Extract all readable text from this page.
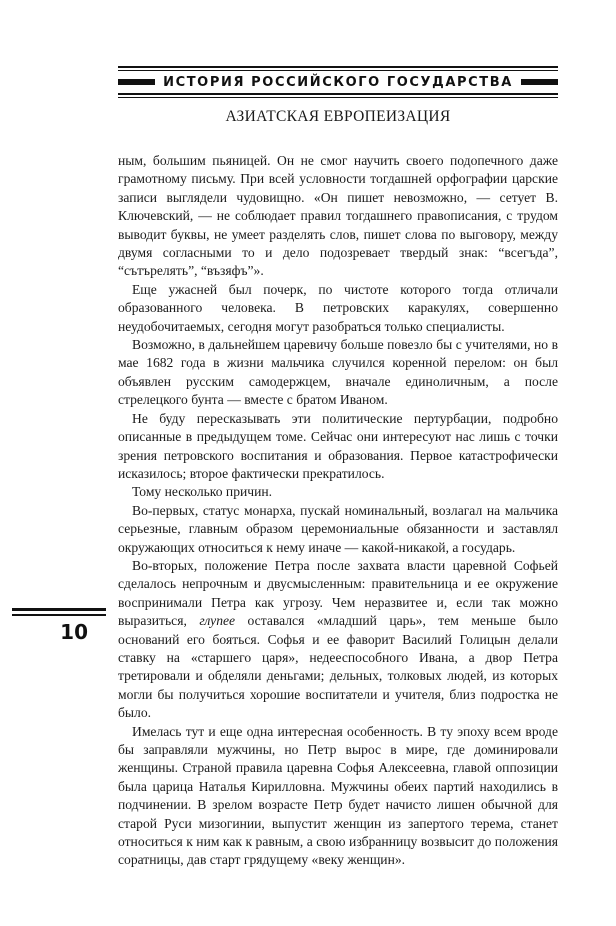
ИСТОРИЯ РОССИЙСКОГО ГОСУДАРСТВА
АЗИАТСКАЯ ЕВРОПЕИЗАЦИЯ

ным, большим пьяницей. Он не смог научить своего подопечного даже грамотному письму. При всей условности тогдашней орфографии царские записи выглядели чудовищно. «Он пишет невозможно, — сетует В. Ключевский, — не соблюдает правил тогдашнего правописания, с трудом выводит буквы, не умеет разделять слов, пишет слова по выговору, между двумя согласными то и дело подозревает твердый знак: “всегъда”, “сътърелять”, “възяфъ”».

Еще ужасней был почерк, по чистоте которого тогда отличали образованного человека. В петровских каракулях, совершенно неудобочитаемых, сегодня могут разобраться только специалисты.

Возможно, в дальнейшем царевичу больше повезло бы с учителями, но в мае 1682 года в жизни мальчика случился коренной перелом: он был объявлен русским самодержцем, вначале единоличным, а после стрелецкого бунта — вместе с братом Иваном.

Не буду пересказывать эти политические пертурбации, подробно описанные в предыдущем томе. Сейчас они интересуют нас лишь с точки зрения петровского воспитания и образования. Первое катастрофически исказилось; второе фактически прекратилось.

Тому несколько причин.

Во-первых, статус монарха, пускай номинальный, возлагал на мальчика серьезные, главным образом церемониальные обязанности и заставлял окружающих относиться к нему иначе — какой-никакой, а государь.

Во-вторых, положение Петра после захвата власти царевной Софьей сделалось непрочным и двусмысленным: правительница и ее окружение воспринимали Петра как угрозу. Чем неразвитее и, если так можно выразиться, глупее оставался «младший царь», тем меньше было оснований его бояться. Софья и ее фаворит Василий Голицын делали ставку на «старшего царя», недееспособного Ивана, а двор Петра третировали и обделяли деньгами; дельных, толковых людей, из которых могли бы получиться хорошие воспитатели и учителя, близ подростка не было.

Имелась тут и еще одна интересная особенность. В ту эпоху всем вроде бы заправляли мужчины, но Петр вырос в мире, где доминировали женщины. Страной правила царевна Софья Алексеевна, главой оппозиции была царица Наталья Кирилловна. Мужчины обеих партий находились в подчинении. В зрелом возрасте Петр будет начисто лишен обычной для старой Руси мизогинии, выпустит женщин из запертого терема, станет относиться к ним как к равным, а свою избранницу возвысит до положения соратницы, дав старт грядущему «веку женщин».

10
